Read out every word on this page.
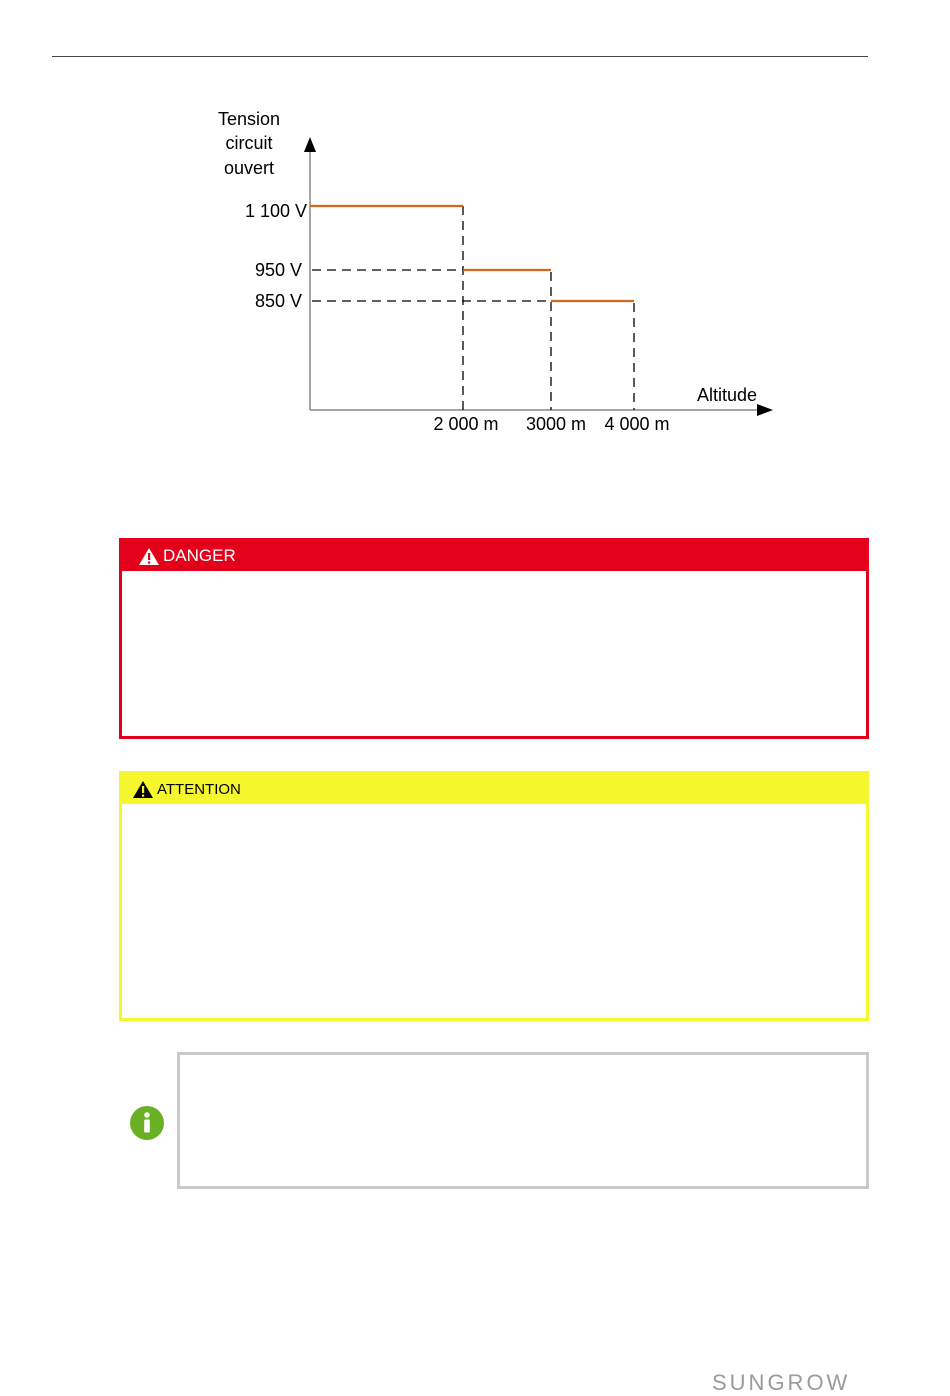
Tension
circuit
ouvert
Altitude
1 100 V
950 V
850 V
2 000 m 3000 m 4 000 m
DANGER
ATTENTION
SUNGROW
